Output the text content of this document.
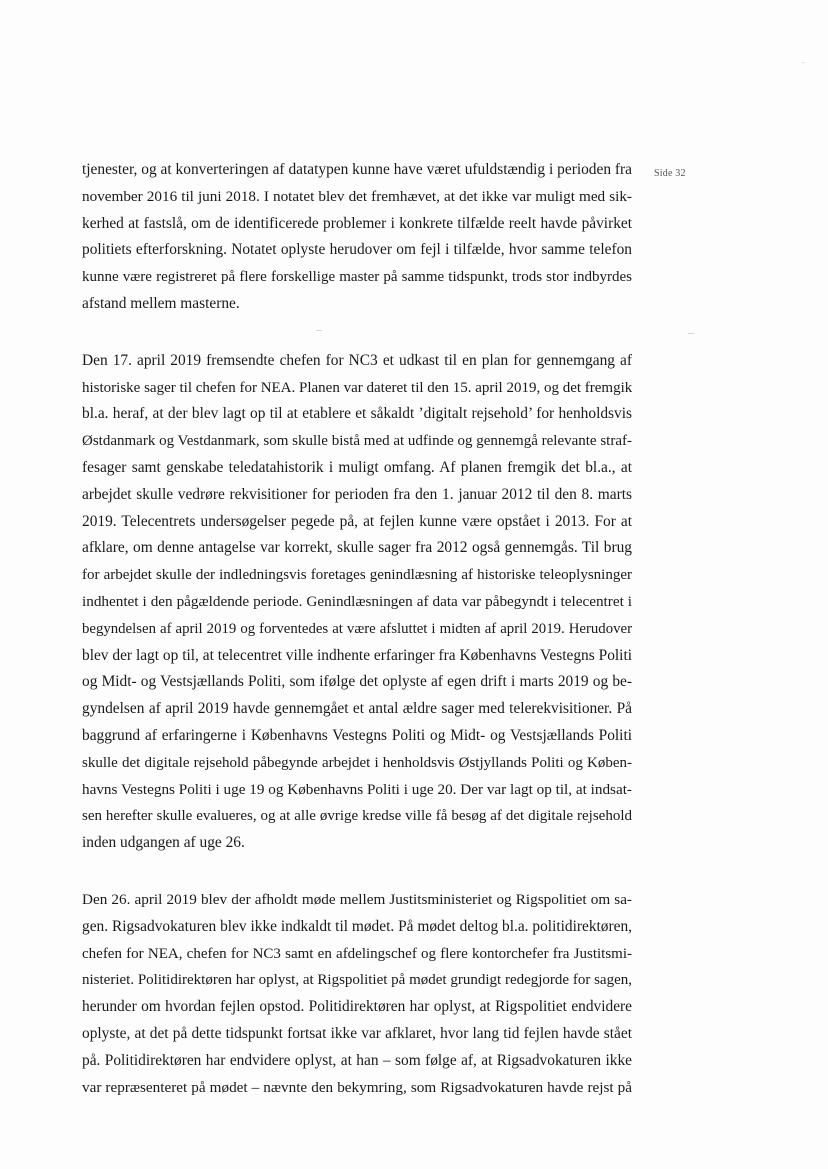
Side 32
tjenester, og at konverteringen af datatypen kunne have været ufuldstændig i perioden fra
november 2016 til juni 2018. I notatet blev det fremhævet, at det ikke var muligt med sik-
kerhed at fastslå, om de identificerede problemer i konkrete tilfælde reelt havde påvirket
politiets efterforskning. Notatet oplyste herudover om fejl i tilfælde, hvor samme telefon
kunne være registreret på flere forskellige master på samme tidspunkt, trods stor indbyrdes
afstand mellem masterne.
Den 17. april 2019 fremsendte chefen for NC3 et udkast til en plan for gennemgang af
historiske sager til chefen for NEA. Planen var dateret til den 15. april 2019, og det fremgik
bl.a. heraf, at der blev lagt op til at etablere et såkaldt ’digitalt rejsehold’ for henholdsvis
Østdanmark og Vestdanmark, som skulle bistå med at udfinde og gennemgå relevante straf-
fesager samt genskabe teledatahistorik i muligt omfang. Af planen fremgik det bl.a., at
arbejdet skulle vedrøre rekvisitioner for perioden fra den 1. januar 2012 til den 8. marts
2019. Telecentrets undersøgelser pegede på, at fejlen kunne være opstået i 2013. For at
afklare, om denne antagelse var korrekt, skulle sager fra 2012 også gennemgås. Til brug
for arbejdet skulle der indledningsvis foretages genindlæsning af historiske teleoplysninger
indhentet i den pågældende periode. Genindlæsningen af data var påbegyndt i telecentret i
begyndelsen af april 2019 og forventedes at være afsluttet i midten af april 2019. Herudover
blev der lagt op til, at telecentret ville indhente erfaringer fra Københavns Vestegns Politi
og Midt- og Vestsjællands Politi, som ifølge det oplyste af egen drift i marts 2019 og be-
gyndelsen af april 2019 havde gennemgået et antal ældre sager med telerekvisitioner. På
baggrund af erfaringerne i Københavns Vestegns Politi og Midt- og Vestsjællands Politi
skulle det digitale rejsehold påbegynde arbejdet i henholdsvis Østjyllands Politi og Køben-
havns Vestegns Politi i uge 19 og Københavns Politi i uge 20. Der var lagt op til, at indsat-
sen herefter skulle evalueres, og at alle øvrige kredse ville få besøg af det digitale rejsehold
inden udgangen af uge 26.
Den 26. april 2019 blev der afholdt møde mellem Justitsministeriet og Rigspolitiet om sa-
gen. Rigsadvokaturen blev ikke indkaldt til mødet. På mødet deltog bl.a. politidirektøren,
chefen for NEA, chefen for NC3 samt en afdelingschef og flere kontorchefer fra Justitsmi-
nisteriet. Politidirektøren har oplyst, at Rigspolitiet på mødet grundigt redegjorde for sagen,
herunder om hvordan fejlen opstod. Politidirektøren har oplyst, at Rigspolitiet endvidere
oplyste, at det på dette tidspunkt fortsat ikke var afklaret, hvor lang tid fejlen havde stået
på. Politidirektøren har endvidere oplyst, at han – som følge af, at Rigsadvokaturen ikke
var repræsenteret på mødet – nævnte den bekymring, som Rigsadvokaturen havde rejst på
